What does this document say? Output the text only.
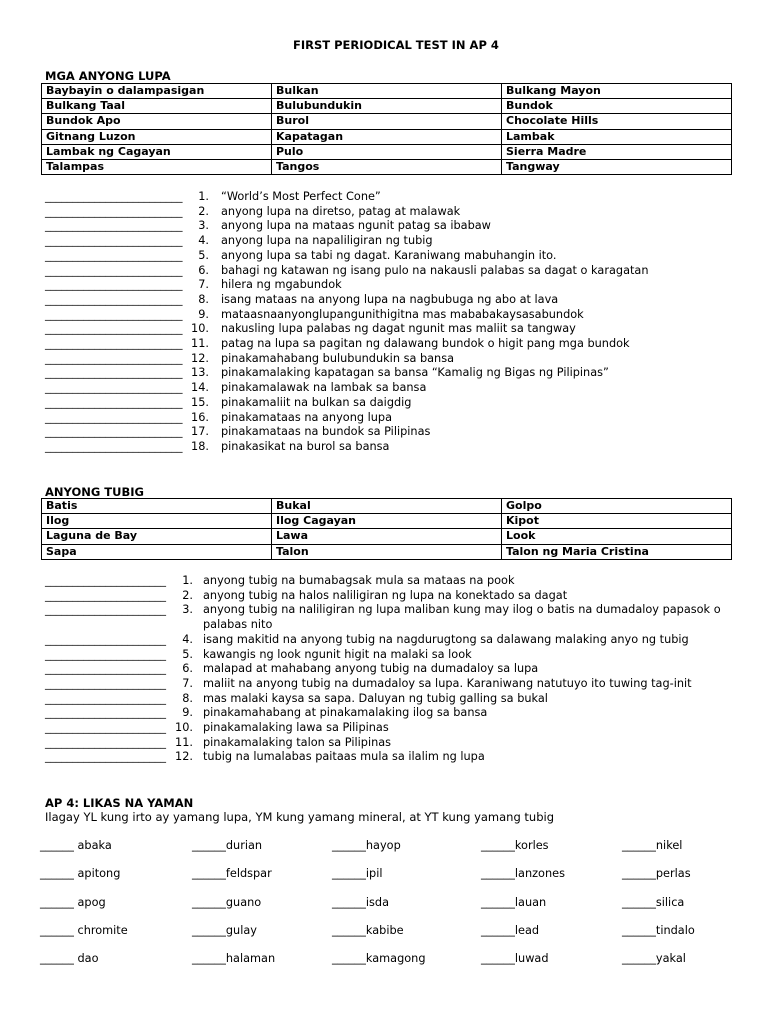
FIRST PERIODICAL TEST IN AP 4
MGA ANYONG LUPA
Baybayin o dalampasigan	Bulkan	Bulkang Mayon
Bulkang Taal	Bulubundukin	Bundok
Bundok Apo	Burol	Chocolate Hills
Gitnang Luzon	Kapatagan	Lambak
Lambak ng Cagayan	Pulo	Sierra Madre
Talampas	Tangos	Tangway
_________________________	1. “World’s Most Perfect Cone”
_________________________	2. anyong lupa na diretso, patag at malawak
_________________________	3. anyong lupa na mataas ngunit patag sa ibabaw
_________________________	4. anyong lupa na napaliligiran ng tubig
_________________________	5. anyong lupa sa tabi ng dagat. Karaniwang mabuhangin ito.
_________________________	6. bahagi ng katawan ng isang pulo na nakausli palabas sa dagat o karagatan
_________________________	7. hilera ng mgabundok
_________________________	8. isang mataas na anyong lupa na nagbubuga ng abo at lava
_________________________	9. mataasnaanyonglupangunithigitna mas mababakaysasabundok
_________________________ 10. nakusling lupa palabas ng dagat ngunit mas maliit sa tangway
_________________________ 11. patag na lupa sa pagitan ng dalawang bundok o higit pang mga bundok
_________________________ 12. pinakamahabang bulubundukin sa bansa
_________________________ 13. pinakamalaking kapatagan sa bansa “Kamalig ng Bigas ng Pilipinas”
_________________________ 14. pinakamalawak na lambak sa bansa
_________________________ 15. pinakamaliit na bulkan sa daigdig
_________________________ 16. pinakamataas na anyong lupa
_________________________ 17. pinakamataas na bundok sa Pilipinas
_________________________ 18. pinakasikat na burol sa bansa
ANYONG TUBIG
Batis	Bukal	Golpo
Ilog	Ilog Cagayan	Kipot
Laguna de Bay	Lawa	Look
Sapa	Talon	Talon ng Maria Cristina
______________________	1. anyong tubig na bumabagsak mula sa mataas na pook
______________________	2. anyong tubig na halos naliligiran ng lupa na konektado sa dagat
______________________	3. anyong tubig na naliligiran ng lupa maliban kung may ilog o batis na dumadaloy papasok o
palabas nito
______________________	4. isang makitid na anyong tubig na nagdurugtong sa dalawang malaking anyo ng tubig
______________________	5. kawangis ng look ngunit higit na malaki sa look
______________________	6. malapad at mahabang anyong tubig na dumadaloy sa lupa
______________________	7. maliit na anyong tubig na dumadaloy sa lupa. Karaniwang natutuyo ito tuwing tag-init
______________________	8. mas malaki kaysa sa sapa. Daluyan ng tubig galling sa bukal
______________________	9. pinakamahabang at pinakamalaking ilog sa bansa
______________________ 10. pinakamalaking lawa sa Pilipinas
______________________ 11. pinakamalaking talon sa Pilipinas
______________________ 12. tubig na lumalabas paitaas mula sa ilalim ng lupa
AP 4: LIKAS NA YAMAN
Ilagay YL kung irto ay yamang lupa, YM kung yamang mineral, at YT kung yamang tubig
______ abaka	______durian	______hayop	______korles	______nikel
______ apitong	______feldspar	______ipil	______lanzones	______perlas
______ apog	______guano	______isda	______lauan	______silica
______ chromite	______gulay	______kabibe	______lead	______tindalo
______ dao	______halaman	______kamagong	______luwad	______yakal
